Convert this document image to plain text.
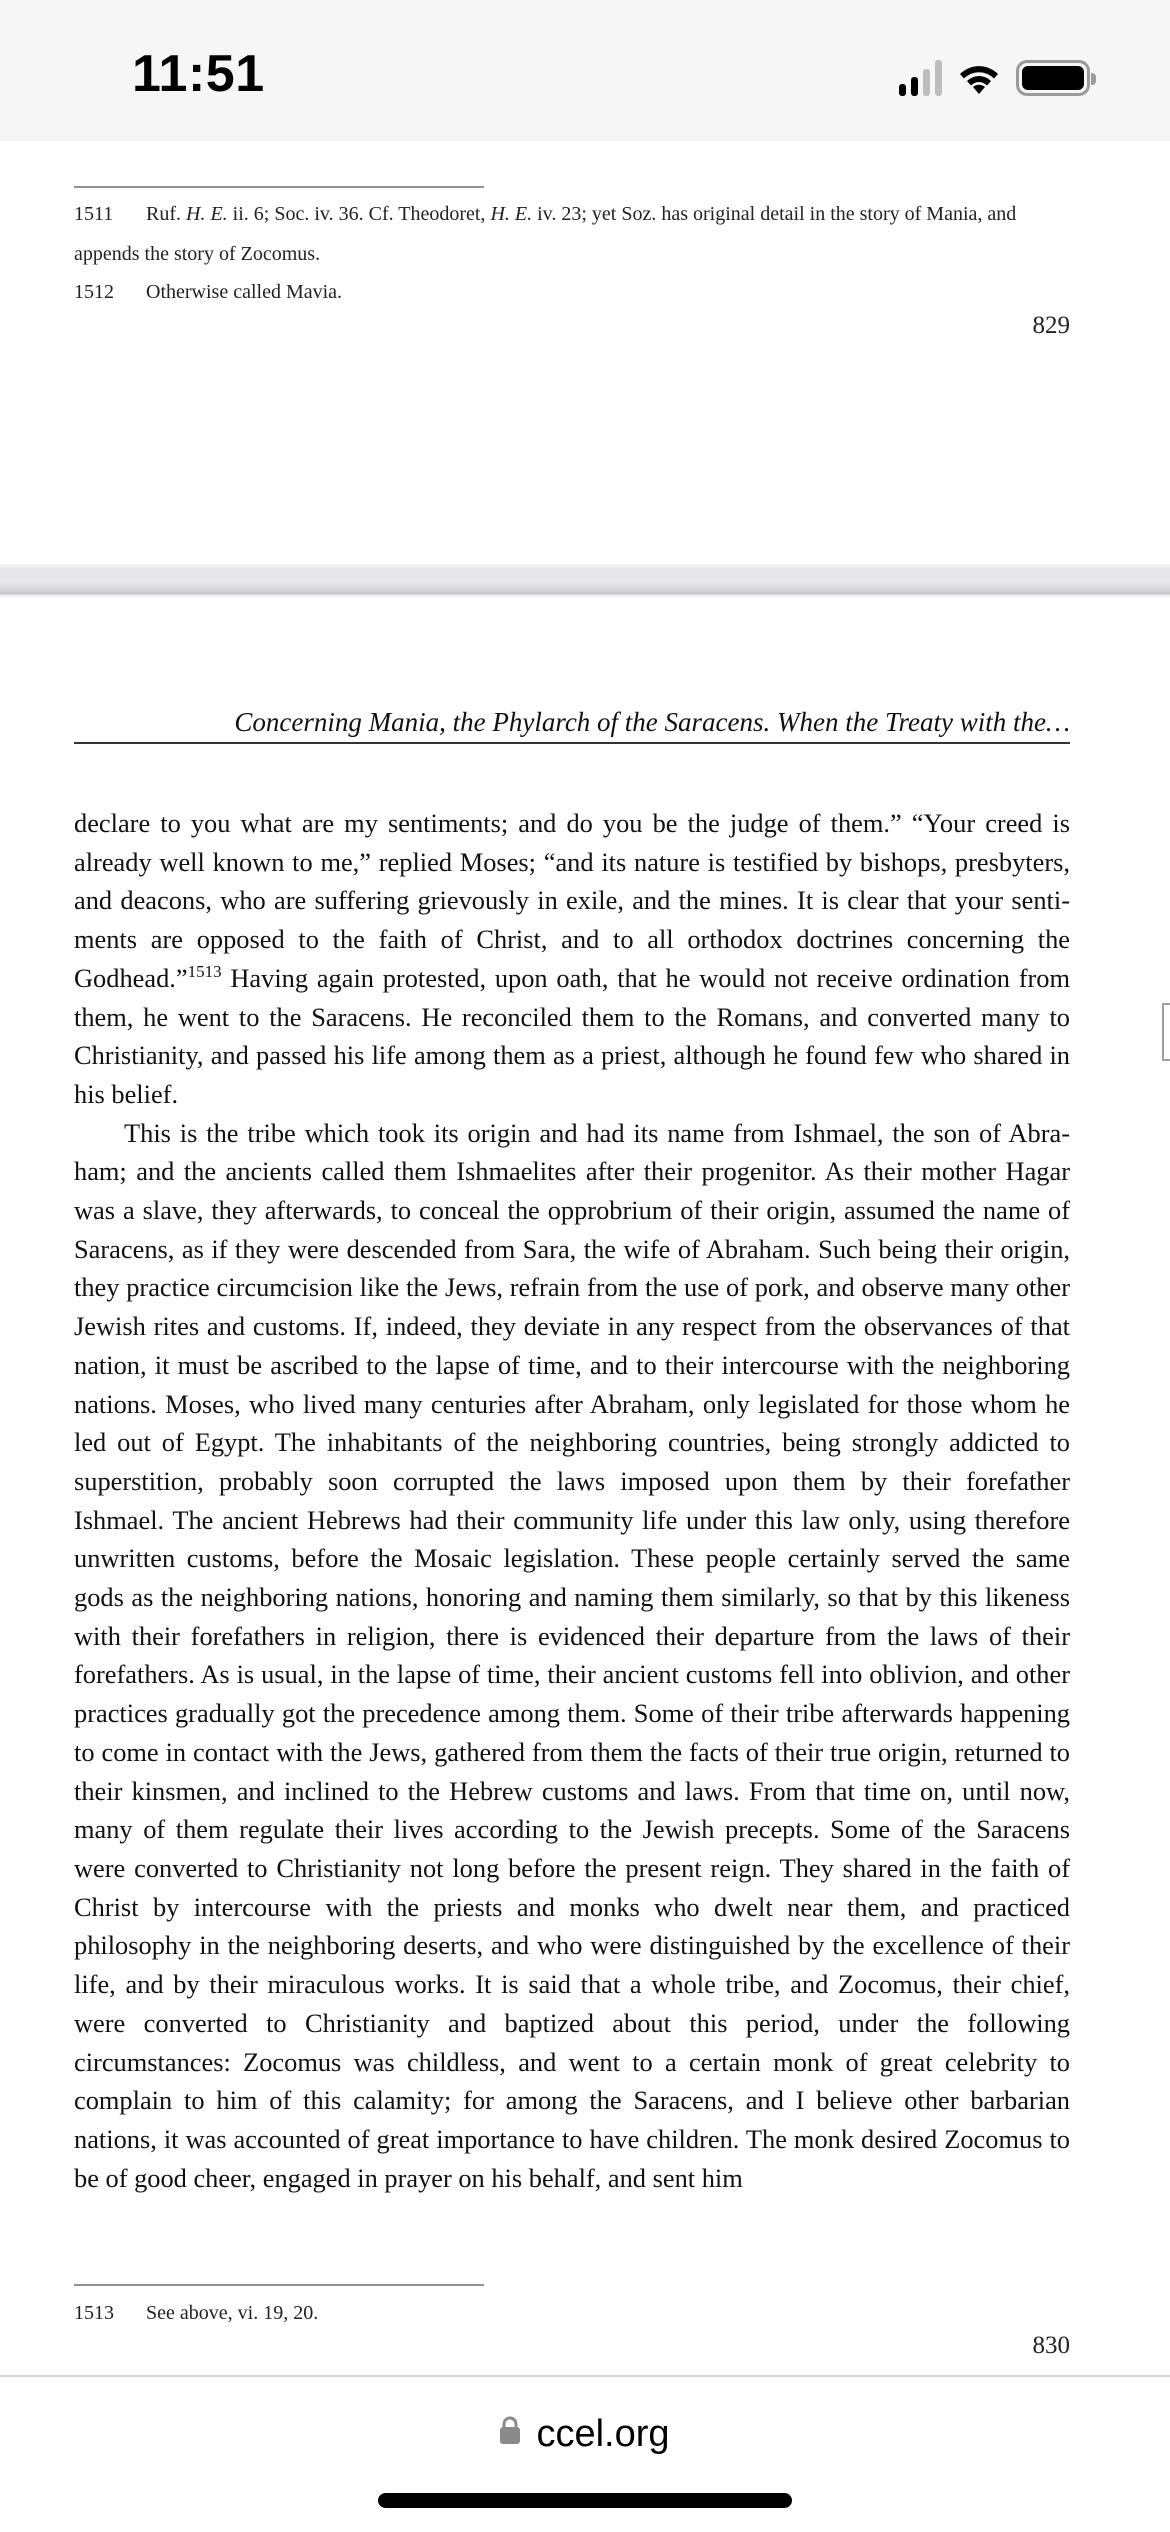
11:51
1511 Ruf. H. E. ii. 6; Soc. iv. 36. Cf. Theodoret, H. E. iv. 23; yet Soz. has original detail in the story of Mania, and appends the story of Zocomus.
1512 Otherwise called Mavia.
829
Concerning Mania, the Phylarch of the Saracens. When the Treaty with the…

declare to you what are my sentiments; and do you be the judge of them.” “Your creed is already well known to me,” replied Moses; “and its nature is testified by bishops, presbyters, and deacons, who are suffering grievously in exile, and the mines. It is clear that your sentiments are opposed to the faith of Christ, and to all orthodox doctrines concerning the Godhead.”$^{1513}$ Having again protested, upon oath, that he would not receive ordination from them, he went to the Saracens. He reconciled them to the Romans, and converted many to Christianity, and passed his life among them as a priest, although he found few who shared in his belief.

This is the tribe which took its origin and had its name from Ishmael, the son of Abraham; and the ancients called them Ishmaelites after their progenitor. As their mother Hagar was a slave, they afterwards, to conceal the opprobrium of their origin, assumed the name of Saracens, as if they were descended from Sara, the wife of Abraham. Such being their origin, they practice circumcision like the Jews, refrain from the use of pork, and observe many other Jewish rites and customs. If, indeed, they deviate in any respect from the observances of that nation, it must be ascribed to the lapse of time, and to their intercourse with the neighboring nations. Moses, who lived many centuries after Abraham, only legislated for those whom he led out of Egypt. The inhabitants of the neighboring countries, being strongly addicted to superstition, probably soon corrupted the laws imposed upon them by their forefather Ishmael. The ancient Hebrews had their community life under this law only, using therefore unwritten customs, before the Mosaic legislation. These people certainly served the same gods as the neighboring nations, honoring and naming them similarly, so that by this likeness with their forefathers in religion, there is evidenced their departure from the laws of their forefathers. As is usual, in the lapse of time, their ancient customs fell into oblivion, and other practices gradually got the precedence among them. Some of their tribe afterwards happening to come in contact with the Jews, gathered from them the facts of their true origin, returned to their kinsmen, and inclined to the Hebrew customs and laws. From that time on, until now, many of them regulate their lives according to the Jewish precepts. Some of the Saracens were converted to Christianity not long before the present reign. They shared in the faith of Christ by intercourse with the priests and monks who dwelt near them, and practiced philosophy in the neighboring deserts, and who were distinguished by the excellence of their life, and by their miraculous works. It is said that a whole tribe, and Zocomus, their chief, were converted to Christianity and baptized about this period, under the following circumstances: Zocomus was childless, and went to a certain monk of great celebrity to complain to him of this calamity; for among the Saracens, and I believe other barbarian nations, it was accounted of great importance to have children. The monk desired Zocomus to be of good cheer, engaged in prayer on his behalf, and sent him

1513 See above, vi. 19, 20.
830
ccel.org
